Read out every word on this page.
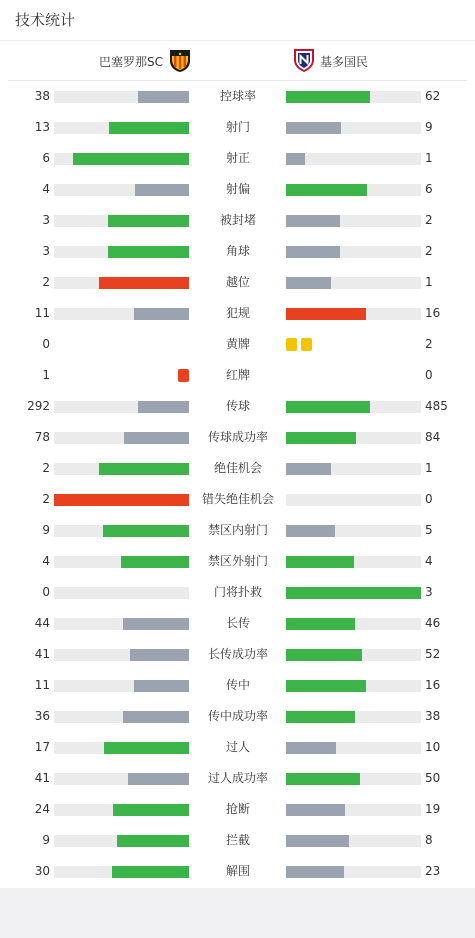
技术统计
巴塞罗那SC	基多国民
38	控球率	62
13	射门	9
6	射正	1
4	射偏	6
3	被封堵	2
3	角球	2
2	越位	1
11	犯规	16
0	黄牌	2
1	红牌	0
292	传球	485
78	传球成功率	84
2	绝佳机会	1
2	错失绝佳机会	0
9	禁区内射门	5
4	禁区外射门	4
0	门将扑救	3
44	长传	46
41	长传成功率	52
11	传中	16
36	传中成功率	38
17	过人	10
41	过人成功率	50
24	抢断	19
9	拦截	8
30	解围	23
